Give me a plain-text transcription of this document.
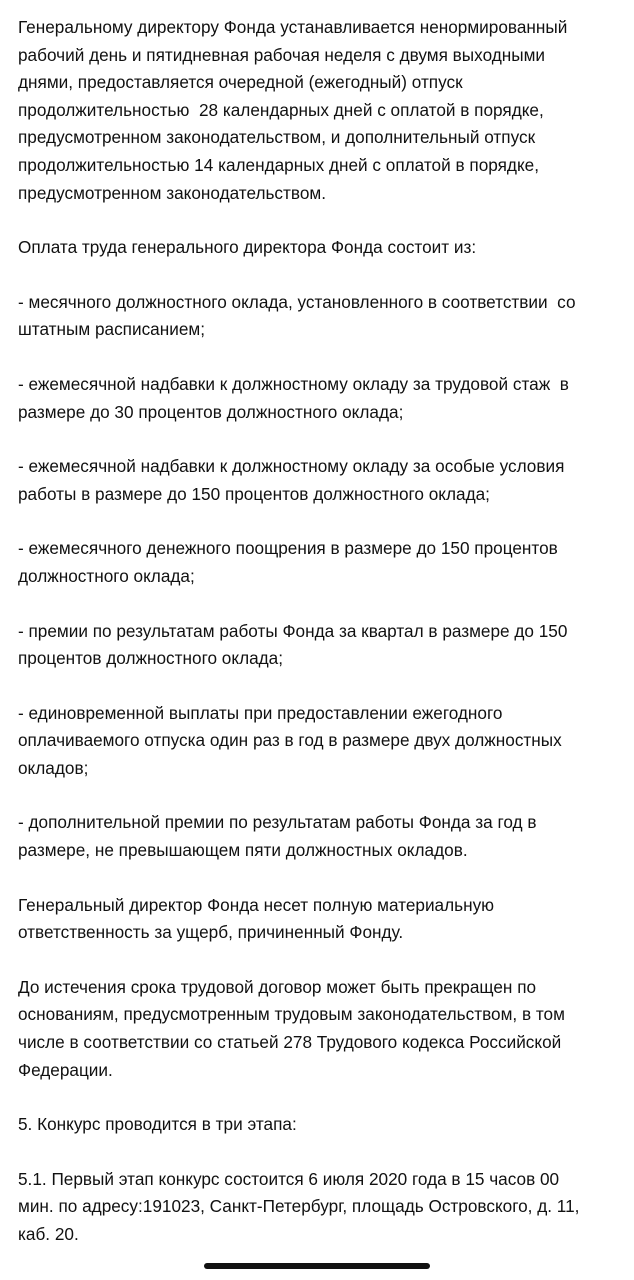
Генеральному директору Фонда устанавливается ненормированный
рабочий день и пятидневная рабочая неделя с двумя выходными
днями, предоставляется очередной (ежегодный) отпуск
продолжительностью  28 календарных дней с оплатой в порядке,
предусмотренном законодательством, и дополнительный отпуск
продолжительностью 14 календарных дней с оплатой в порядке,
предусмотренном законодательством.

Оплата труда генерального директора Фонда состоит из:

- месячного должностного оклада, установленного в соответствии  со
штатным расписанием;

- ежемесячной надбавки к должностному окладу за трудовой стаж  в
размере до 30 процентов должностного оклада;

- ежемесячной надбавки к должностному окладу за особые условия
работы в размере до 150 процентов должностного оклада;

- ежемесячного денежного поощрения в размере до 150 процентов
должностного оклада;

- премии по результатам работы Фонда за квартал в размере до 150
процентов должностного оклада;

- единовременной выплаты при предоставлении ежегодного
оплачиваемого отпуска один раз в год в размере двух должностных
окладов;

- дополнительной премии по результатам работы Фонда за год в
размере, не превышающем пяти должностных окладов.

Генеральный директор Фонда несет полную материальную
ответственность за ущерб, причиненный Фонду.

До истечения срока трудовой договор может быть прекращен по
основаниям, предусмотренным трудовым законодательством, в том
числе в соответствии со статьей 278 Трудового кодекса Российской
Федерации.

5. Конкурс проводится в три этапа:

5.1. Первый этап конкурс состоится 6 июля 2020 года в 15 часов 00
мин. по адресу:191023, Санкт-Петербург, площадь Островского, д. 11,
каб. 20.
